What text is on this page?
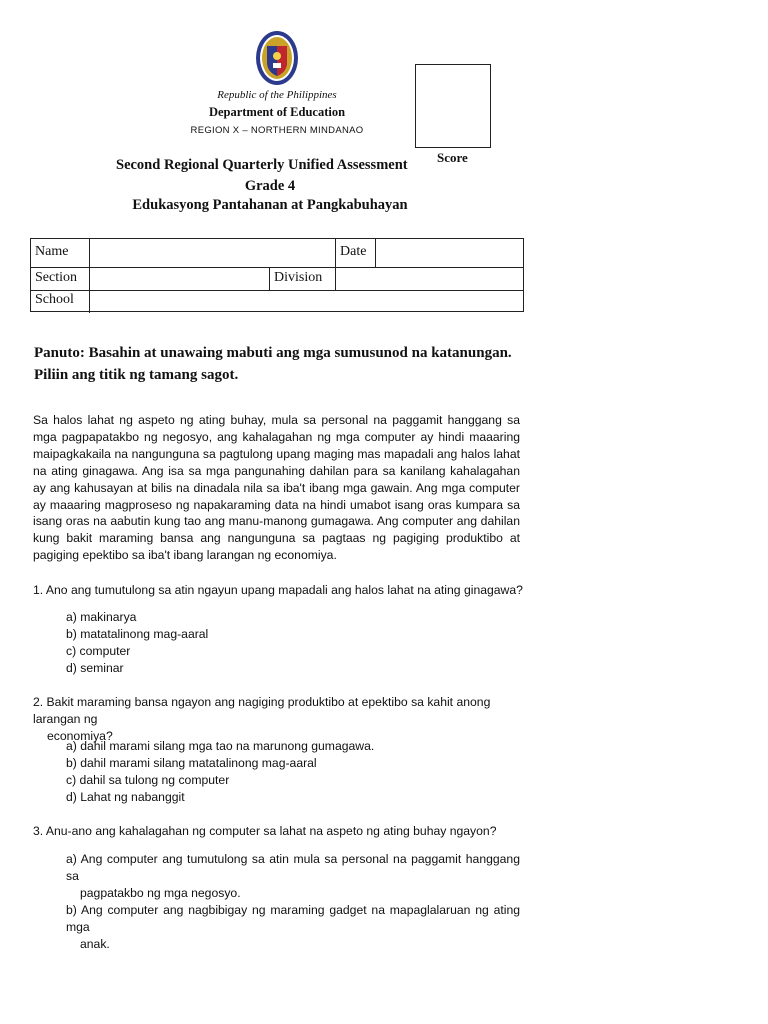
Republic of the Philippines
Department of Education
REGION X – NORTHERN MINDANAO
Second Regional Quarterly Unified Assessment
Grade 4
Edukasyong Pantahanan at Pangkabuhayan
Score
Name	Date
Section	Division
School
Panuto: Basahin at unawaing mabuti ang mga sumusunod na katanungan. Piliin ang titik ng tamang sagot.
Sa halos lahat ng aspeto ng ating buhay, mula sa personal na paggamit hanggang sa mga pagpapatakbo ng negosyo, ang kahalagahan ng mga computer ay hindi maaaring maipagkakaila na nangunguna sa pagtulong upang maging mas mapadali ang halos lahat na ating ginagawa. Ang isa sa mga pangunahing dahilan para sa kanilang kahalagahan ay ang kahusayan at bilis na dinadala nila sa iba't ibang mga gawain. Ang mga computer ay maaaring magproseso ng napakaraming data na hindi umabot isang oras kumpara sa isang oras na aabutin kung tao ang manu-manong gumagawa. Ang computer ang dahilan kung bakit maraming bansa ang nangunguna sa pagtaas ng pagiging produktibo at pagiging epektibo sa iba't ibang larangan ng economiya.
1. Ano ang tumutulong sa atin ngayun upang mapadali ang halos lahat na ating ginagawa?
a) makinarya
b) matatalinong mag-aaral
c) computer
d) seminar
2. Bakit maraming bansa ngayon ang nagiging produktibo at epektibo sa kahit anong larangan ng
economiya?
a) dahil marami silang mga tao na marunong gumagawa.
b) dahil marami silang matatalinong mag-aaral
c) dahil sa tulong ng computer
d) Lahat ng nabanggit
3. Anu-ano ang kahalagahan ng computer sa lahat na aspeto ng ating buhay ngayon?
a) Ang computer ang tumutulong sa atin mula sa personal na paggamit hanggang sa
pagpatakbo ng mga negosyo.
b) Ang computer ang nagbibigay ng maraming gadget na mapaglalaruan ng ating mga
anak.
